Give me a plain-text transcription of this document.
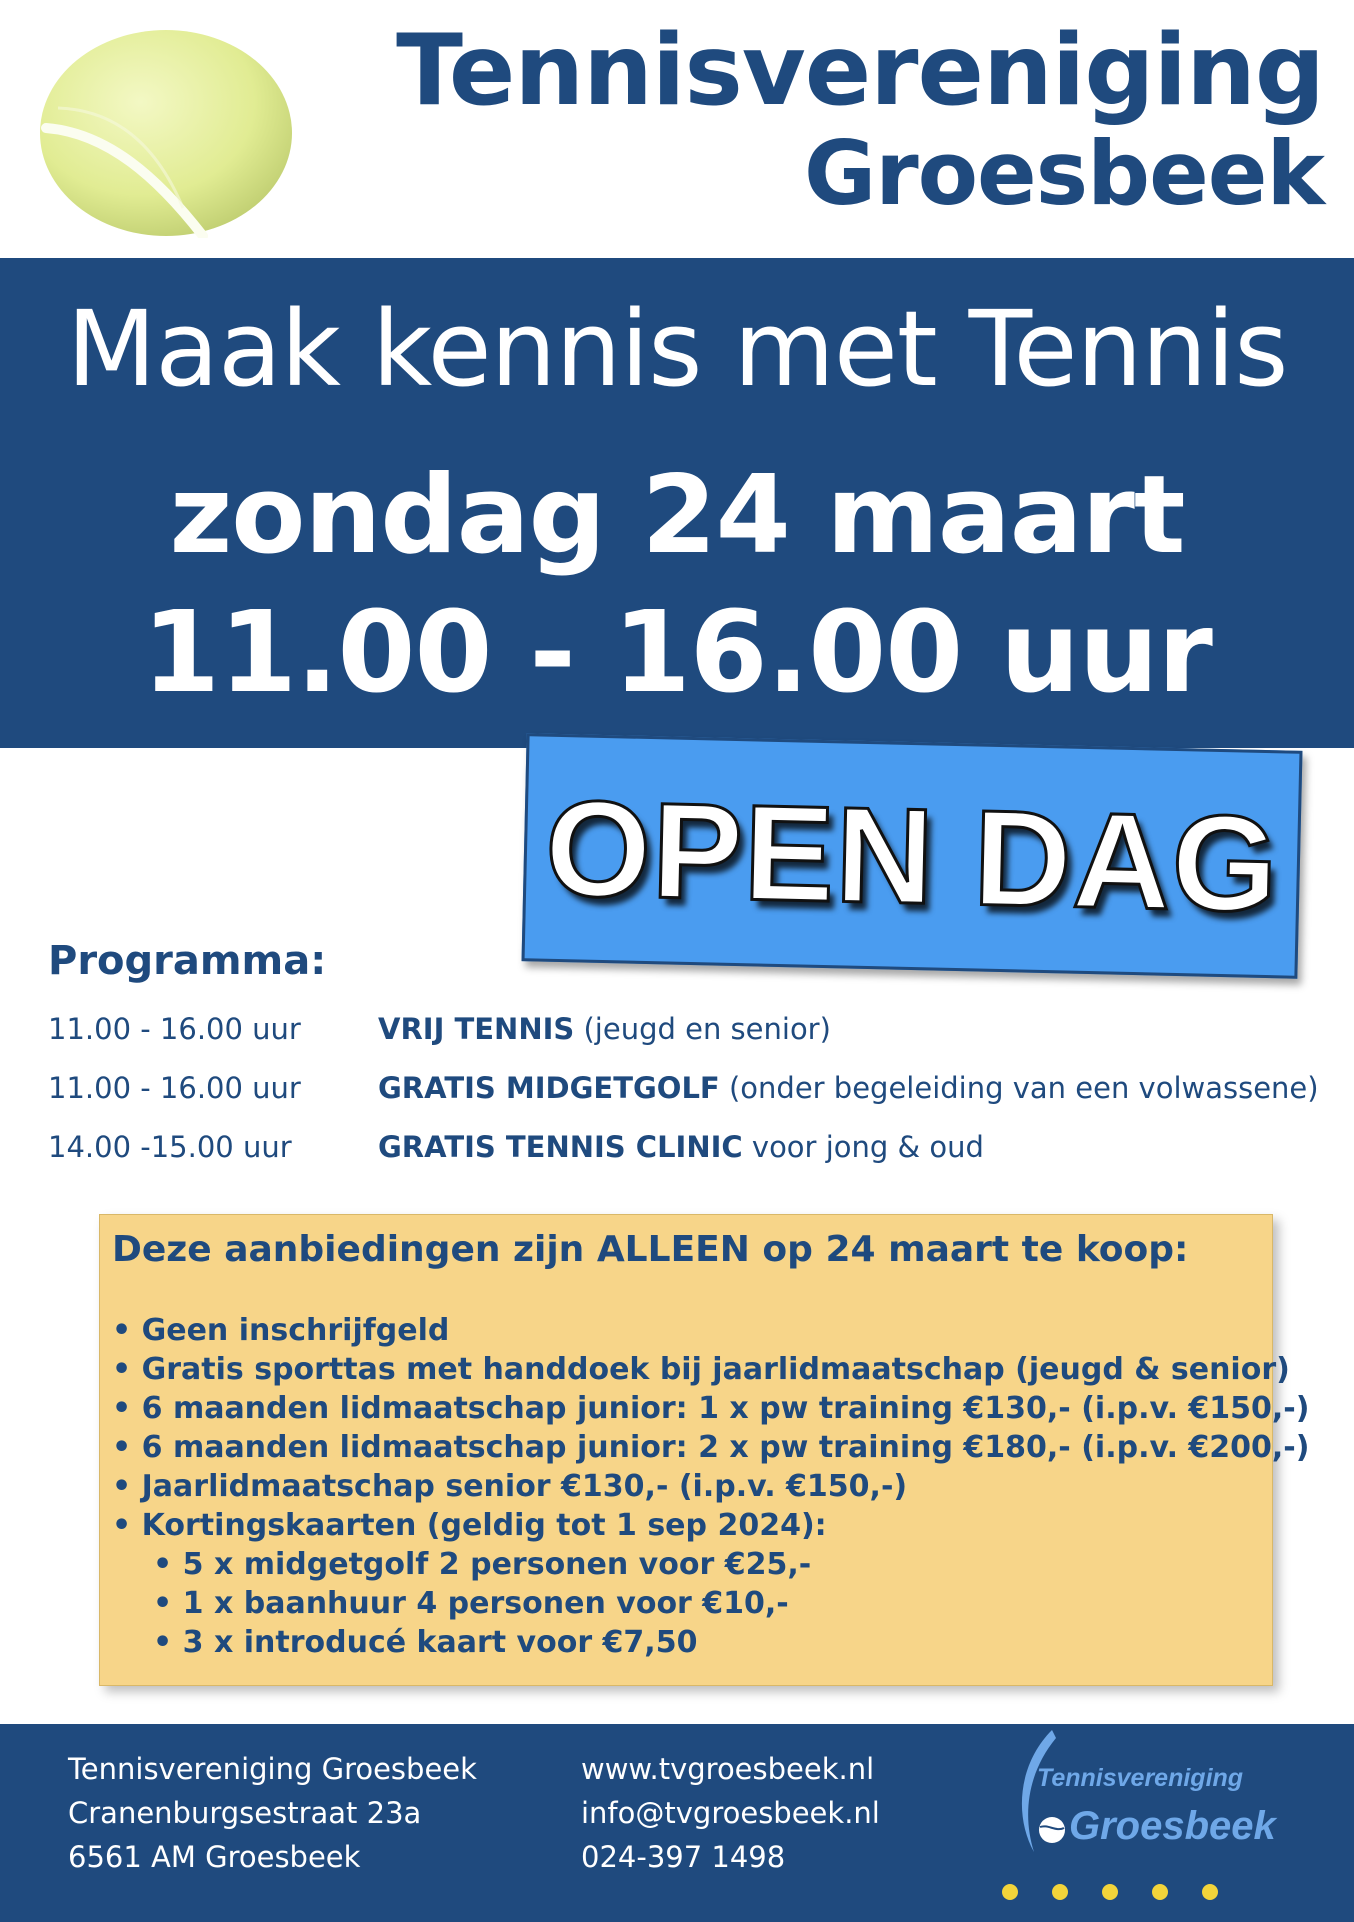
Tennisvereniging
Groesbeek
Maak kennis met Tennis
zondag 24 maart
11.00 - 16.00 uur
OPEN DAG
Programma:
11.00 - 16.00 uur	VRIJ TENNIS (jeugd en senior)
11.00 - 16.00 uur	GRATIS MIDGETGOLF (onder begeleiding van een volwassene)
14.00 -15.00 uur	GRATIS TENNIS CLINIC voor jong & oud
Deze aanbiedingen zijn ALLEEN op 24 maart te koop:
• Geen inschrijfgeld
• Gratis sporttas met handdoek bij jaarlidmaatschap (jeugd & senior)
• 6 maanden lidmaatschap junior: 1 x pw training €130,- (i.p.v. €150,-)
• 6 maanden lidmaatschap junior: 2 x pw training €180,- (i.p.v. €200,-)
• Jaarlidmaatschap senior €130,- (i.p.v. €150,-)
• Kortingskaarten (geldig tot 1 sep 2024):
• 5 x midgetgolf 2 personen voor €25,-
• 1 x baanhuur 4 personen voor €10,-
• 3 x introducé kaart voor €7,50
Tennisvereniging Groesbeek
Cranenburgsestraat 23a
6561 AM Groesbeek
www.tvgroesbeek.nl
info@tvgroesbeek.nl
024-397 1498
Tennisvereniging
Groesbeek
